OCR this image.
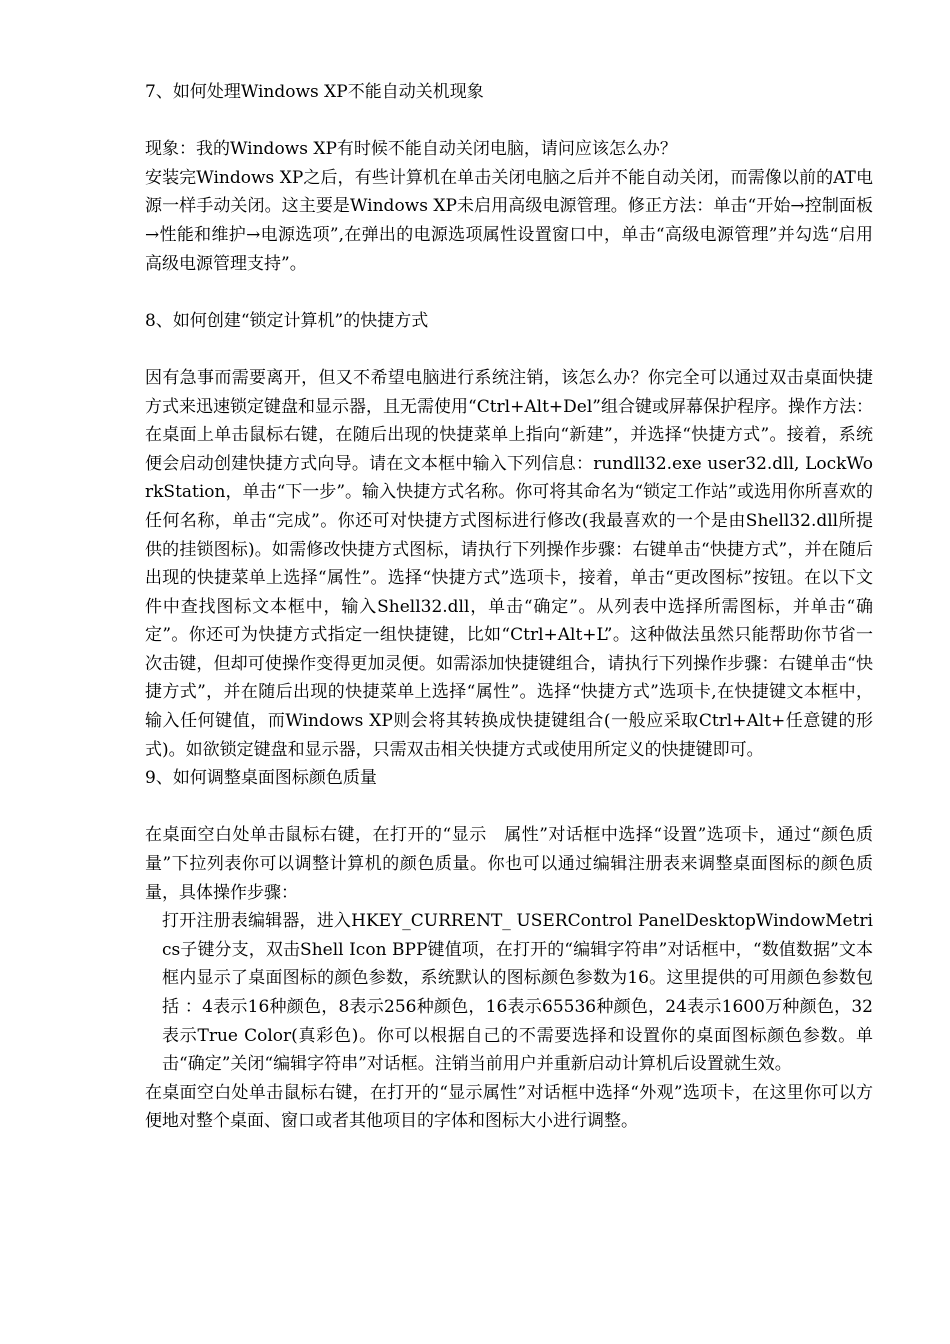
7、如何处理Windows XP不能自动关机现象

现象：我的Windows XP有时候不能自动关闭电脑，请问应该怎么办？

安装完Windows XP之后，有些计算机在单击关闭电脑之后并不能自动关闭，而需像以前的AT电源一样手动关闭。这主要是Windows XP未启用高级电源管理。修正方法：单击“开始→控制面板→性能和维护→电源选项”,在弹出的电源选项属性设置窗口中，单击“高级电源管理”并勾选“启用高级电源管理支持”。

8、如何创建“锁定计算机”的快捷方式

因有急事而需要离开，但又不希望电脑进行系统注销，该怎么办？你完全可以通过双击桌面快捷方式来迅速锁定键盘和显示器，且无需使用“Ctrl+Alt+Del”组合键或屏幕保护程序。操作方法：在桌面上单击鼠标右键，在随后出现的快捷菜单上指向“新建”，并选择“快捷方式”。接着，系统便会启动创建快捷方式向导。请在文本框中输入下列信息：rundll32.exe user32.dll, LockWorkStation，单击“下一步”。输入快捷方式名称。你可将其命名为“锁定工作站”或选用你所喜欢的任何名称，单击“完成”。你还可对快捷方式图标进行修改(我最喜欢的一个是由Shell32.dll所提供的挂锁图标)。如需修改快捷方式图标，请执行下列操作步骤：右键单击“快捷方式”，并在随后出现的快捷菜单上选择“属性”。选择“快捷方式”选项卡，接着，单击“更改图标”按钮。在以下文件中查找图标文本框中，输入Shell32.dll，单击“确定”。从列表中选择所需图标，并单击“确定”。你还可为快捷方式指定一组快捷键，比如“Ctrl+Alt+L”。这种做法虽然只能帮助你节省一次击键，但却可使操作变得更加灵便。如需添加快捷键组合，请执行下列操作步骤：右键单击“快捷方式”，并在随后出现的快捷菜单上选择“属性”。选择“快捷方式”选项卡,在快捷键文本框中，输入任何键值，而Windows XP则会将其转换成快捷键组合(一般应采取Ctrl+Alt+任意键的形式)。如欲锁定键盘和显示器，只需双击相关快捷方式或使用所定义的快捷键即可。

9、如何调整桌面图标颜色质量

在桌面空白处单击鼠标右键，在打开的“显示　属性”对话框中选择“设置”选项卡，通过“颜色质量”下拉列表你可以调整计算机的颜色质量。你也可以通过编辑注册表来调整桌面图标的颜色质量，具体操作步骤：

打开注册表编辑器，进入HKEY_CURRENT_ USERControl PanelDesktopWindowMetrics子键分支，双击Shell Icon BPP键值项，在打开的“编辑字符串”对话框中，“数值数据”文本框内显示了桌面图标的颜色参数，系统默认的图标颜色参数为16。这里提供的可用颜色参数包括 ：4表示16种颜色，8表示256种颜色，16表示65536种颜色，24表示1600万种颜色，32表示True Color(真彩色)。你可以根据自己的不需要选择和设置你的桌面图标颜色参数。单击“确定”关闭“编辑字符串”对话框。注销当前用户并重新启动计算机后设置就生效。

在桌面空白处单击鼠标右键，在打开的“显示属性”对话框中选择“外观”选项卡，在这里你可以方便地对整个桌面、窗口或者其他项目的字体和图标大小进行调整。
